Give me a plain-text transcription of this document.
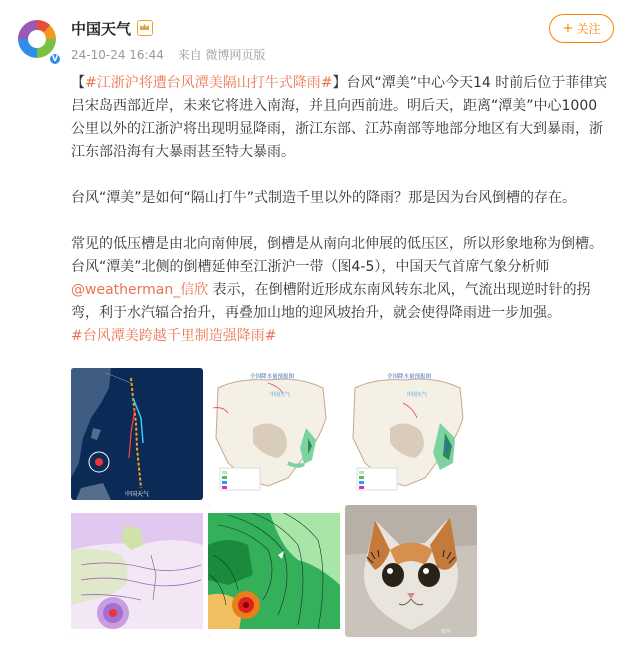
V
中国天气
24-10-24 16:44 来自 微博网页版
+ 关注

【#江浙沪将遭台风潭美隔山打牛式降雨#】台风“潭美”中心今天14 时前后位于菲律宾吕宋岛西部近岸，未来它将进入南海，并且向西前进。明后天，距离“潭美”中心1000公里以外的江浙沪将出现明显降雨，浙江东部、江苏南部等地部分地区有大到暴雨，浙江东部沿海有大暴雨甚至特大暴雨。

台风“潭美”是如何“隔山打牛”式制造千里以外的降雨？那是因为台风倒槽的存在。

常见的低压槽是由北向南伸展，倒槽是从南向北伸展的低压区，所以形象地称为倒槽。台风“潭美”北侧的倒槽延伸至江浙沪一带（图4-5），中国天气首席气象分析师
@weatherman_信欣 表示，在倒槽附近形成东南风转东北风，气流出现逆时针的拐弯，利于水汽辐合抬升，再叠加山地的迎风坡抬升，就会使得降雨进一步加强。
#台风潭美跨越千里制造强降雨#

中国天气
全国降水量预报图
中国天气
全国降水量预报图
中国天气
微博
